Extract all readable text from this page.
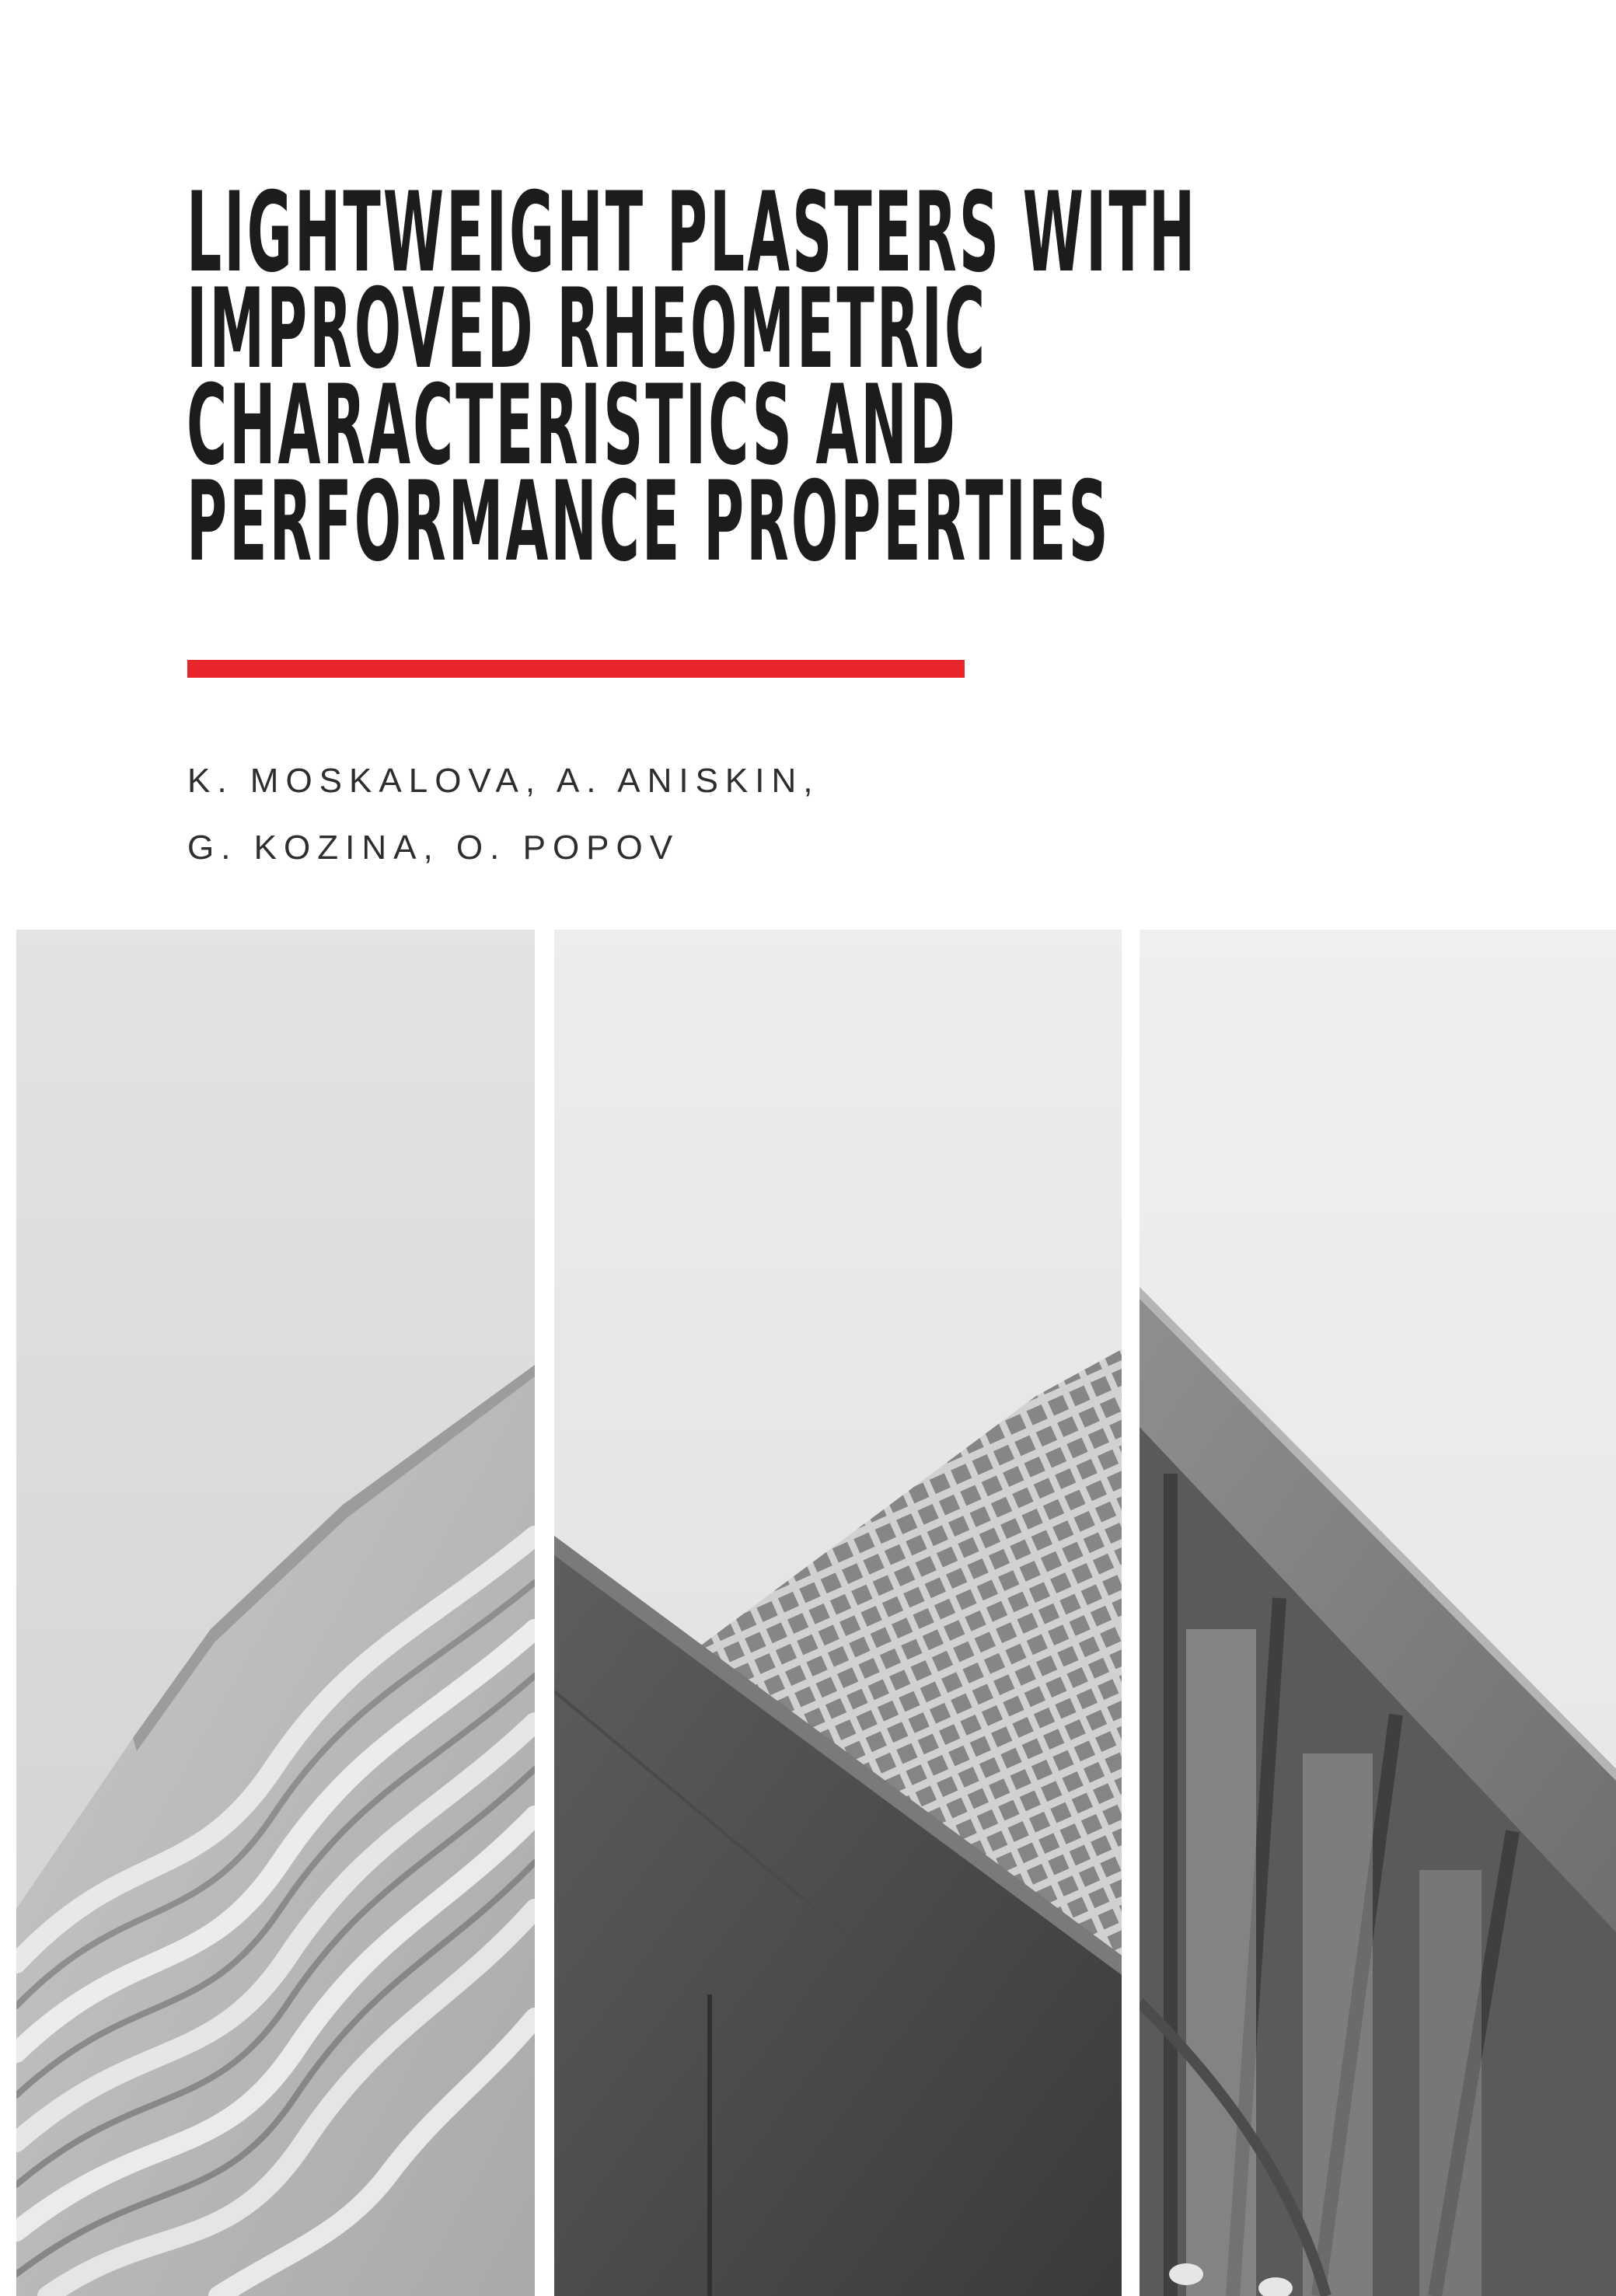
LIGHTWEIGHT PLASTERS WITH
IMPROVED RHEOMETRIC
CHARACTERISTICS AND
PERFORMANCE PROPERTIES
K. MOSKALOVA, A. ANISKIN,
G. KOZINA, O. POPOV
